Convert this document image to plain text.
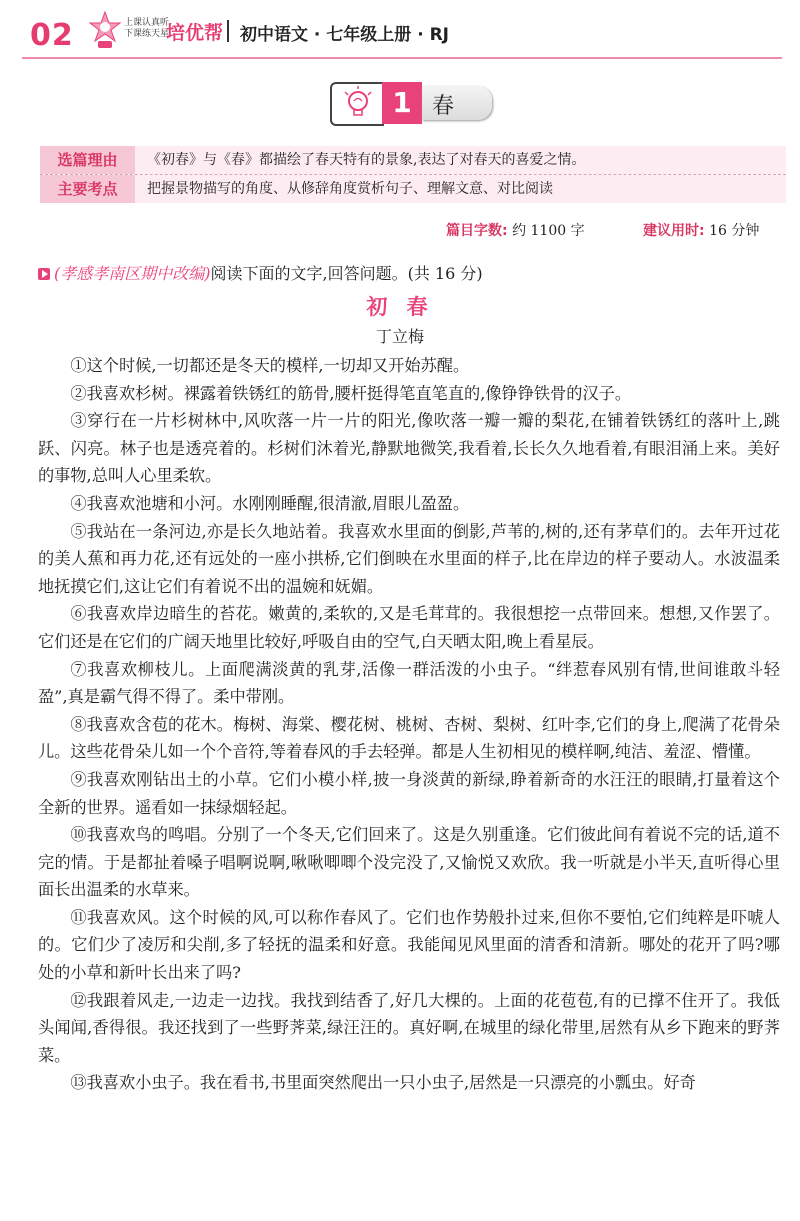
02	上课认真听
下课练天星
培优帮 初中语文 · 七年级上册 · RJ
1 春
选篇理由	《初春》与《春》都描绘了春天特有的景象,表达了对春天的喜爱之情。
主要考点	把握景物描写的角度、从修辞角度赏析句子、理解文意、对比阅读
篇目字数: 约 1100 字	建议用时: 16 分钟
(孝感孝南区期中改编)阅读下面的文字,回答问题。(共 16 分)
初 春
丁立梅

①这个时候,一切都还是冬天的模样,一切却又开始苏醒。

②我喜欢杉树。裸露着铁锈红的筋骨,腰杆挺得笔直笔直的,像铮铮铁骨的汉子。

③穿行在一片杉树林中,风吹落一片一片的阳光,像吹落一瓣一瓣的梨花,在铺着铁锈红的落叶上,跳跃、闪亮。林子也是透亮着的。杉树们沐着光,静默地微笑,我看着,长长久久地看着,有眼泪涌上来。美好的事物,总叫人心里柔软。

④我喜欢池塘和小河。水刚刚睡醒,很清澈,眉眼儿盈盈。

⑤我站在一条河边,亦是长久地站着。我喜欢水里面的倒影,芦苇的,树的,还有茅草们的。去年开过花的美人蕉和再力花,还有远处的一座小拱桥,它们倒映在水里面的样子,比在岸边的样子要动人。水波温柔地抚摸它们,这让它们有着说不出的温婉和妩媚。

⑥我喜欢岸边暗生的苔花。嫩黄的,柔软的,又是毛茸茸的。我很想挖一点带回来。想想,又作罢了。它们还是在它们的广阔天地里比较好,呼吸自由的空气,白天晒太阳,晚上看星辰。

⑦我喜欢柳枝儿。上面爬满淡黄的乳芽,活像一群活泼的小虫子。“绊惹春风别有情,世间谁敢斗轻盈”,真是霸气得不得了。柔中带刚。

⑧我喜欢含苞的花木。梅树、海棠、樱花树、桃树、杏树、梨树、红叶李,它们的身上,爬满了花骨朵儿。这些花骨朵儿如一个个音符,等着春风的手去轻弹。都是人生初相见的模样啊,纯洁、羞涩、懵懂。

⑨我喜欢刚钻出土的小草。它们小模小样,披一身淡黄的新绿,睁着新奇的水汪汪的眼睛,打量着这个全新的世界。遥看如一抹绿烟轻起。

⑩我喜欢鸟的鸣唱。分别了一个冬天,它们回来了。这是久别重逢。它们彼此间有着说不完的话,道不完的情。于是都扯着嗓子唱啊说啊,啾啾唧唧个没完没了,又愉悦又欢欣。我一听就是小半天,直听得心里面长出温柔的水草来。

⑪我喜欢风。这个时候的风,可以称作春风了。它们也作势般扑过来,但你不要怕,它们纯粹是吓唬人的。它们少了凌厉和尖削,多了轻抚的温柔和好意。我能闻见风里面的清香和清新。哪处的花开了吗?哪处的小草和新叶长出来了吗?

⑫我跟着风走,一边走一边找。我找到结香了,好几大棵的。上面的花苞苞,有的已撑不住开了。我低头闻闻,香得很。我还找到了一些野荠菜,绿汪汪的。真好啊,在城里的绿化带里,居然有从乡下跑来的野荠菜。

⑬我喜欢小虫子。我在看书,书里面突然爬出一只小虫子,居然是一只漂亮的小瓢虫。好奇
